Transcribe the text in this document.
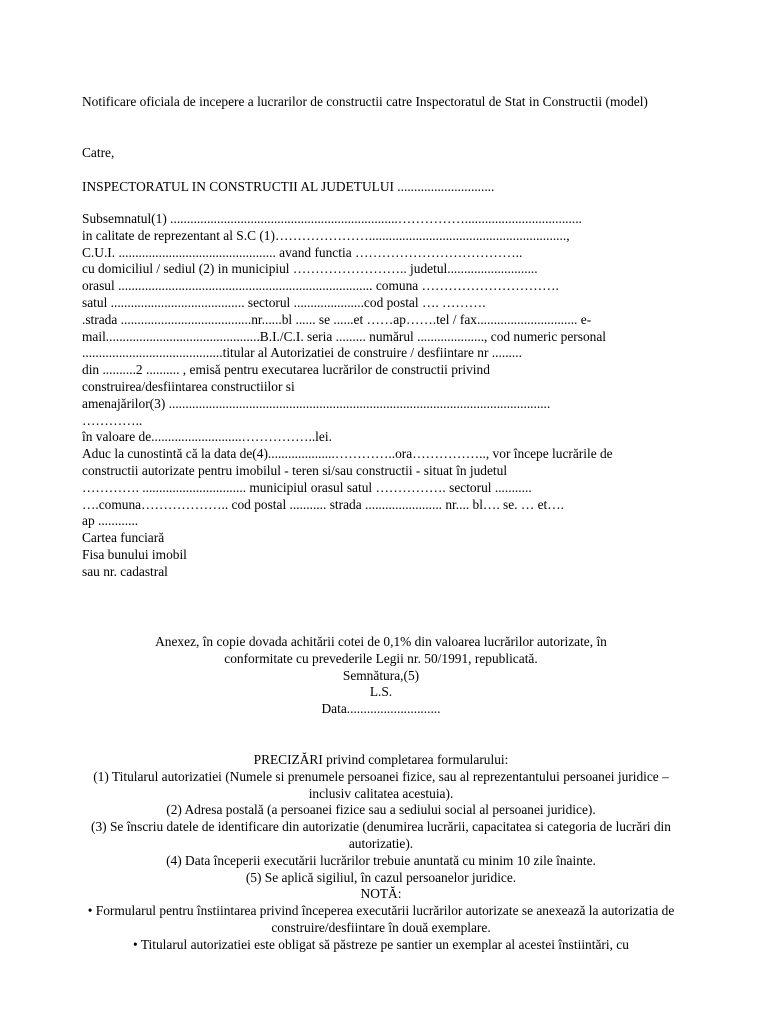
Notificare oficiala de incepere a lucrarilor de constructii catre Inspectoratul de Stat in Constructii (model)
Catre,
INSPECTORATUL IN CONSTRUCTII AL JUDETULUI .............................
Subsemnatul(1) ....................................................................……………...................................
in calitate de reprezentant al S.C (1)…………………...........................................................,
C.U.I. ............................................... avand functia ………………………………..
cu domiciliul / sediul (2) in municipiul …………………….. judetul...........................
orasul ............................................................................ comuna ………………………….
satul ........................................ sectorul .....................cod postal …. ……….
.strada .......................................nr......bl ...... se ......et ……ap…….tel / fax.............................. e-
mail..............................................B.I./C.I. seria ......... numărul ...................., cod numeric personal
..........................................titular al Autorizatiei de construire / desfiintare nr .........
din ..........2 .......... , emisă pentru executarea lucrărilor de constructii privind
construirea/desfiintarea constructiilor si
amenajărilor(3) ..................................................................................................................
…………..
în valoare de...........................……………..lei.
Aduc la cunostintă că la data de(4)....................…………..ora…………….., vor începe lucrările de
constructii autorizate pentru imobilul - teren si/sau constructii - situat în judetul
…………. ............................... municipiul orasul satul ……………. sectorul ...........
….comuna……………….. cod postal ........... strada ....................... nr.... bl…. se. … et….
ap ............
Cartea funciară
Fisa bunului imobil
sau nr. cadastral
Anexez, în copie dovada achitării cotei de 0,1% din valoarea lucrărilor autorizate, în
conformitate cu prevederile Legii nr. 50/1991, republicată.
Semnătura,(5)
L.S.
Data............................
PRECIZĂRI privind completarea formularului:
(1) Titularul autorizatiei (Numele si prenumele persoanei fizice, sau al reprezentantului persoanei juridice – inclusiv calitatea acestuia).
(2) Adresa postală (a persoanei fizice sau a sediului social al persoanei juridice).
(3) Se înscriu datele de identificare din autorizatie (denumirea lucrării, capacitatea si categoria de lucrări din autorizatie).
(4) Data începerii executării lucrărilor trebuie anuntată cu minim 10 zile înainte.
(5) Se aplică sigiliul, în cazul persoanelor juridice.
NOTĂ:
• Formularul pentru înstiintarea privind începerea executării lucrărilor autorizate se anexează la autorizatia de construire/desfiintare în două exemplare.
• Titularul autorizatiei este obligat să păstreze pe santier un exemplar al acestei înstiintări, cu
